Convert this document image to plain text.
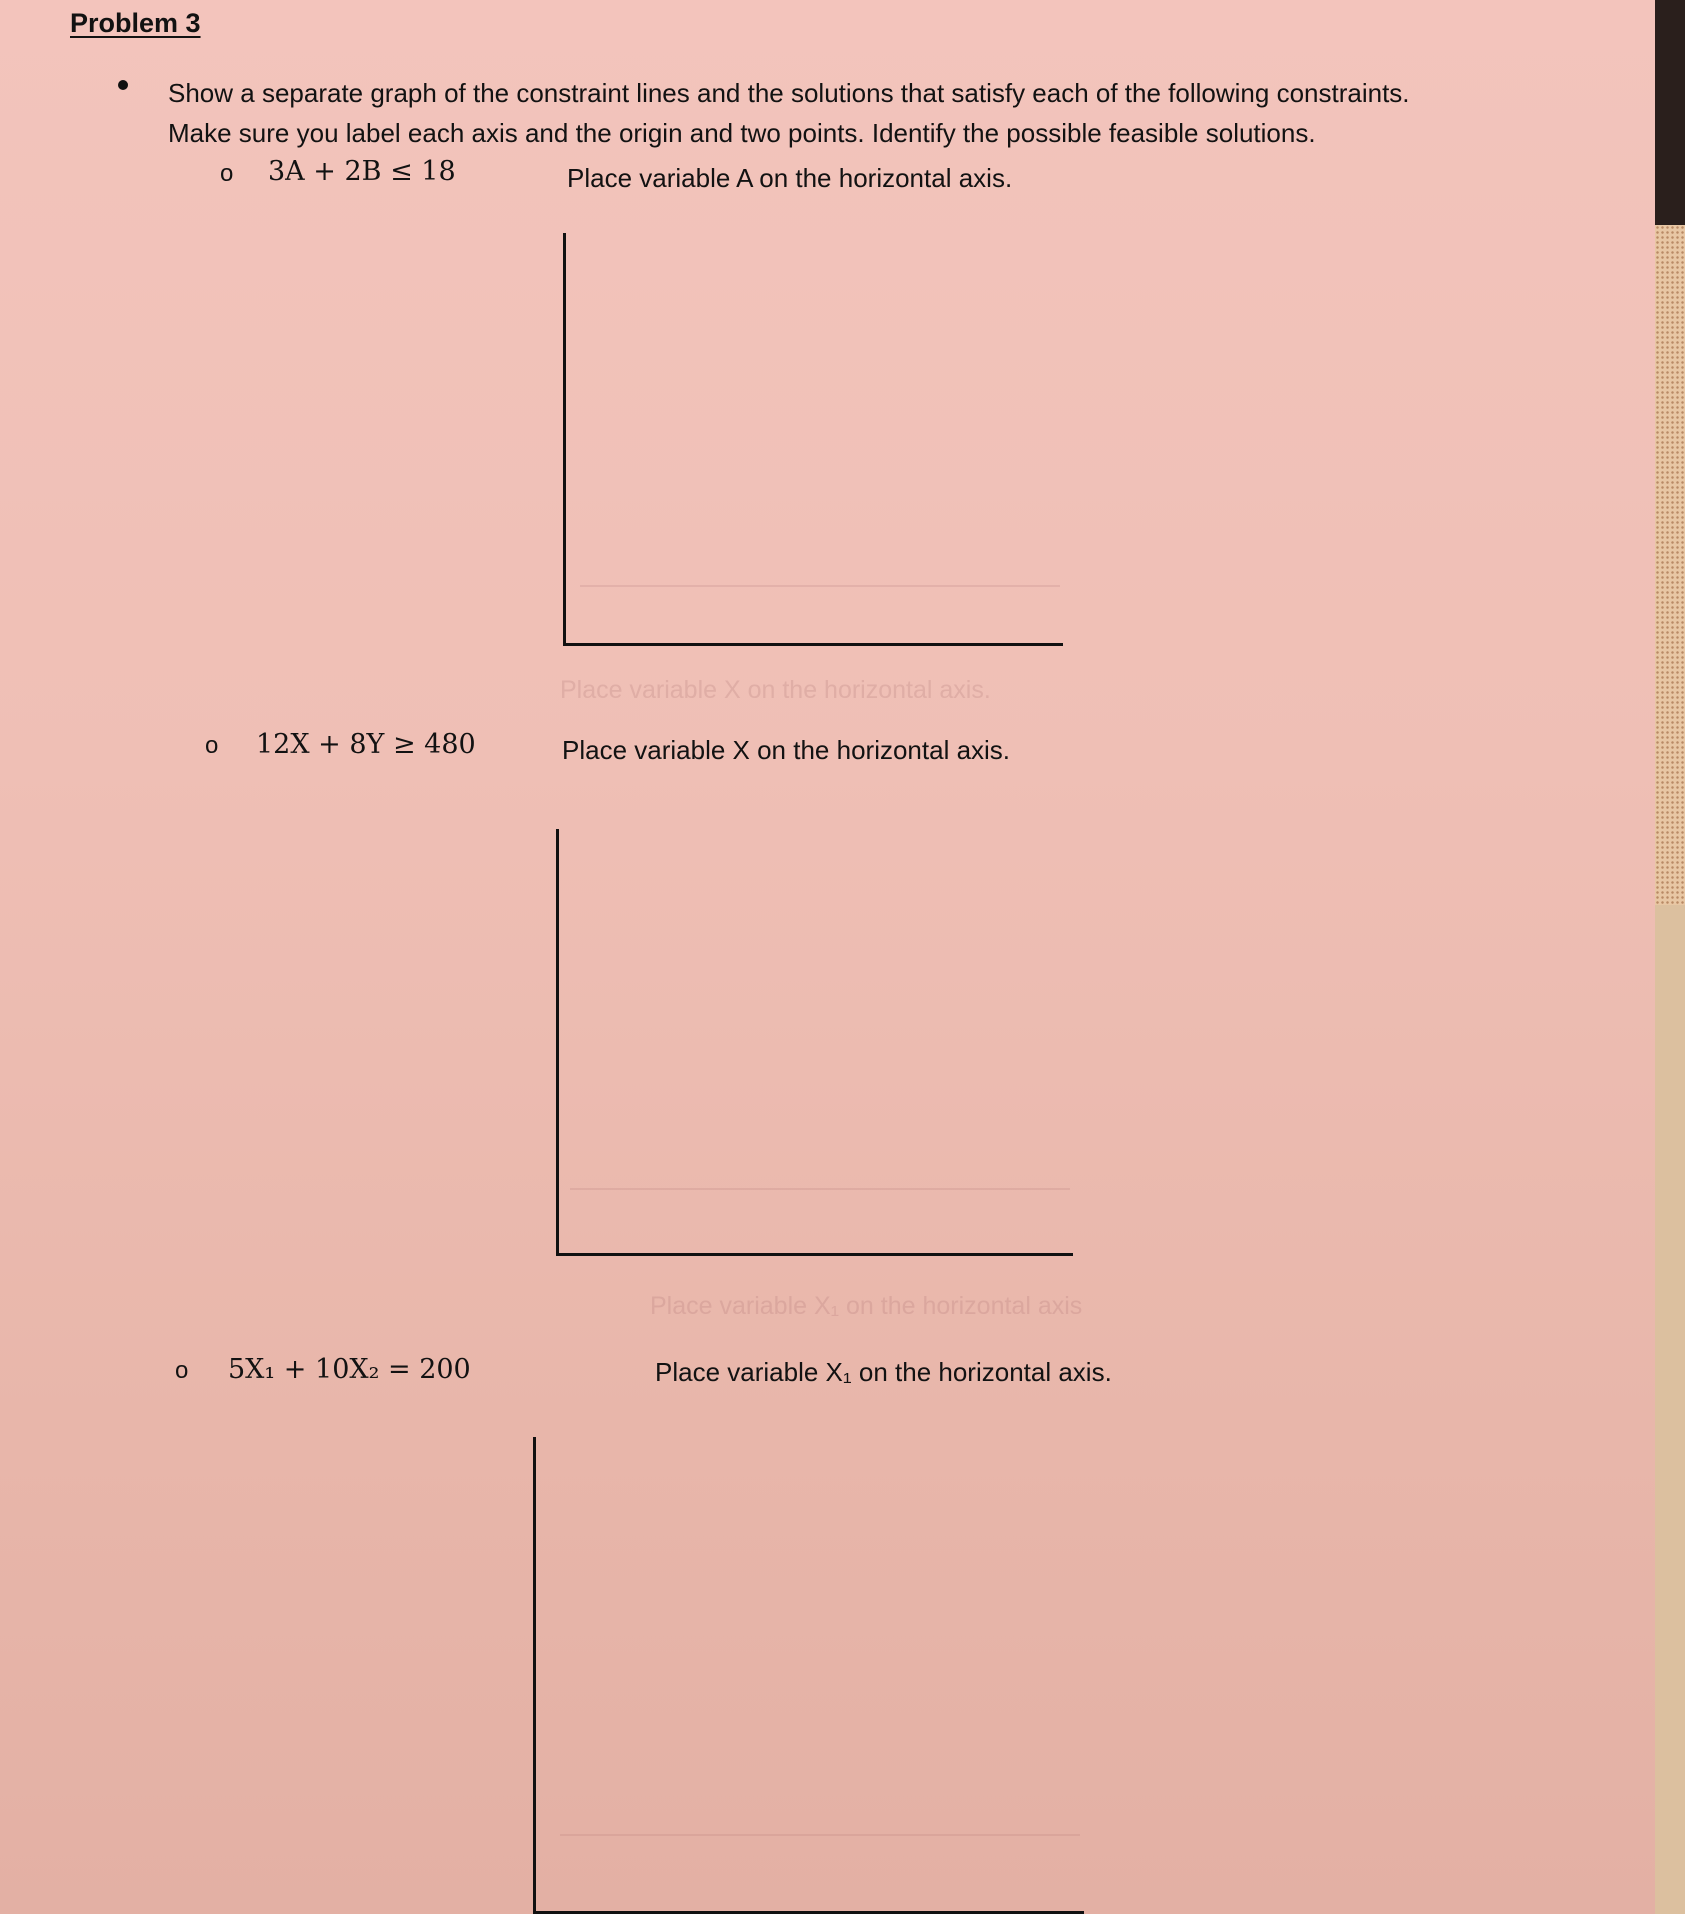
Place variable X on the horizontal axis.
Place variable X₁ on the horizontal axis
Problem 3
Show a separate graph of the constraint lines and the solutions that satisfy each of the following constraints.
Make sure you label each axis and the origin and two points. Identify the possible feasible solutions.
o 3A + 2B ≤ 18	Place variable A on the horizontal axis.
o 12X + 8Y ≥ 480	Place variable X on the horizontal axis.
o 5X₁ + 10X₂ = 200	Place variable X₁ on the horizontal axis.
